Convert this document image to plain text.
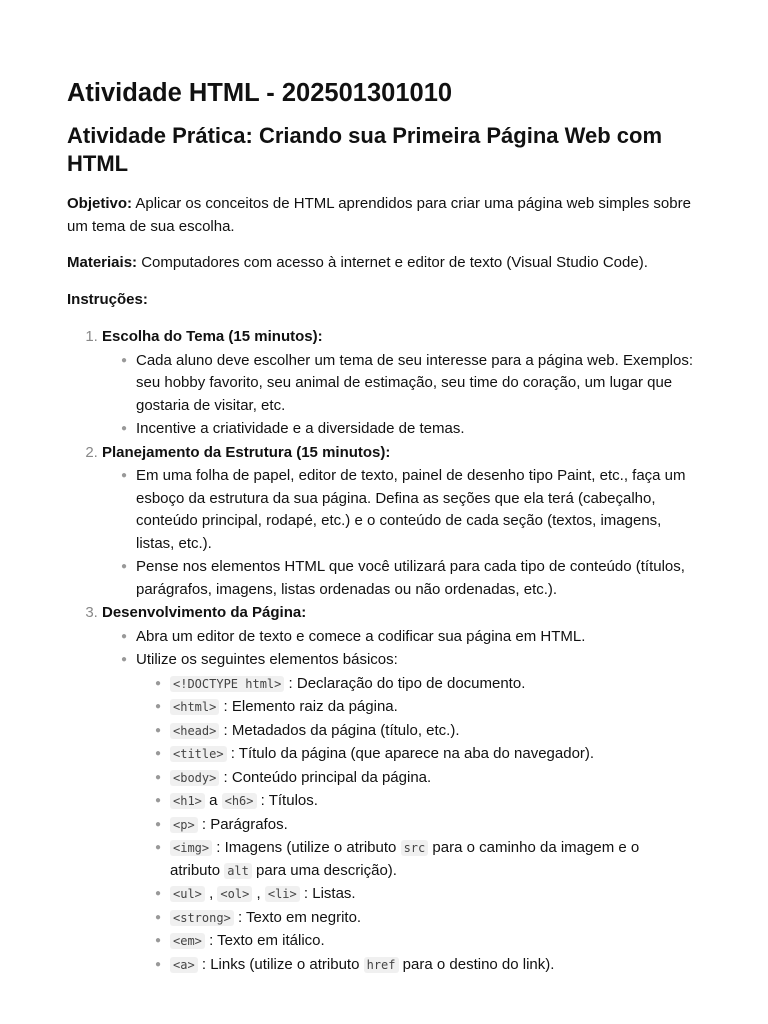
Atividade HTML - 202501301010
Atividade Prática: Criando sua Primeira Página Web com HTML

Objetivo: Aplicar os conceitos de HTML aprendidos para criar uma página web simples sobre um tema de sua escolha.

Materiais: Computadores com acesso à internet e editor de texto (Visual Studio Code).

Instruções:

1. Escolha do Tema (15 minutos):
● Cada aluno deve escolher um tema de seu interesse para a página web. Exemplos: seu hobby favorito, seu animal de estimação, seu time do coração, um lugar que gostaria de visitar, etc.
● Incentive a criatividade e a diversidade de temas.
2. Planejamento da Estrutura (15 minutos):
● Em uma folha de papel, editor de texto, painel de desenho tipo Paint, etc., faça um esboço da estrutura da sua página. Defina as seções que ela terá (cabeçalho, conteúdo principal, rodapé, etc.) e o conteúdo de cada seção (textos, imagens, listas, etc.).
● Pense nos elementos HTML que você utilizará para cada tipo de conteúdo (títulos, parágrafos, imagens, listas ordenadas ou não ordenadas, etc.).
3. Desenvolvimento da Página:
● Abra um editor de texto e comece a codificar sua página em HTML.
● Utilize os seguintes elementos básicos:
● <!DOCTYPE html> : Declaração do tipo de documento.
● <html> : Elemento raiz da página.
● <head> : Metadados da página (título, etc.).
● <title> : Título da página (que aparece na aba do navegador).
● <body> : Conteúdo principal da página.
● <h1> a <h6> : Títulos.
● <p> : Parágrafos.
● <img> : Imagens (utilize o atributo src para o caminho da imagem e o atributo alt para uma descrição).
● <ul> , <ol> , <li> : Listas.
● <strong> : Texto em negrito.
● <em> : Texto em itálico.
● <a> : Links (utilize o atributo href para o destino do link).
